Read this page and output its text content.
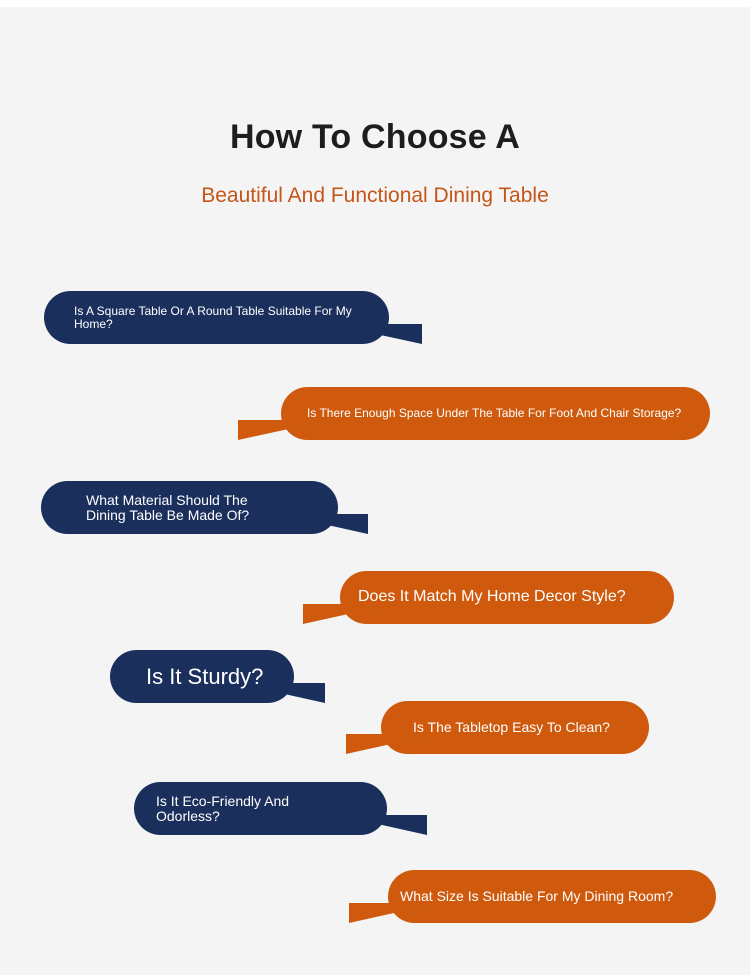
How To Choose A
Beautiful And Functional Dining Table
Is A Square Table Or A Round Table Suitable For My Home?
Is There Enough Space Under The Table For Foot And Chair Storage?
What Material Should The
Dining Table Be Made Of?
Does It Match My Home Decor Style?
Is It Sturdy?
Is The Tabletop Easy To Clean?
Is It Eco-Friendly And
Odorless?
What Size Is Suitable For My Dining Room?
